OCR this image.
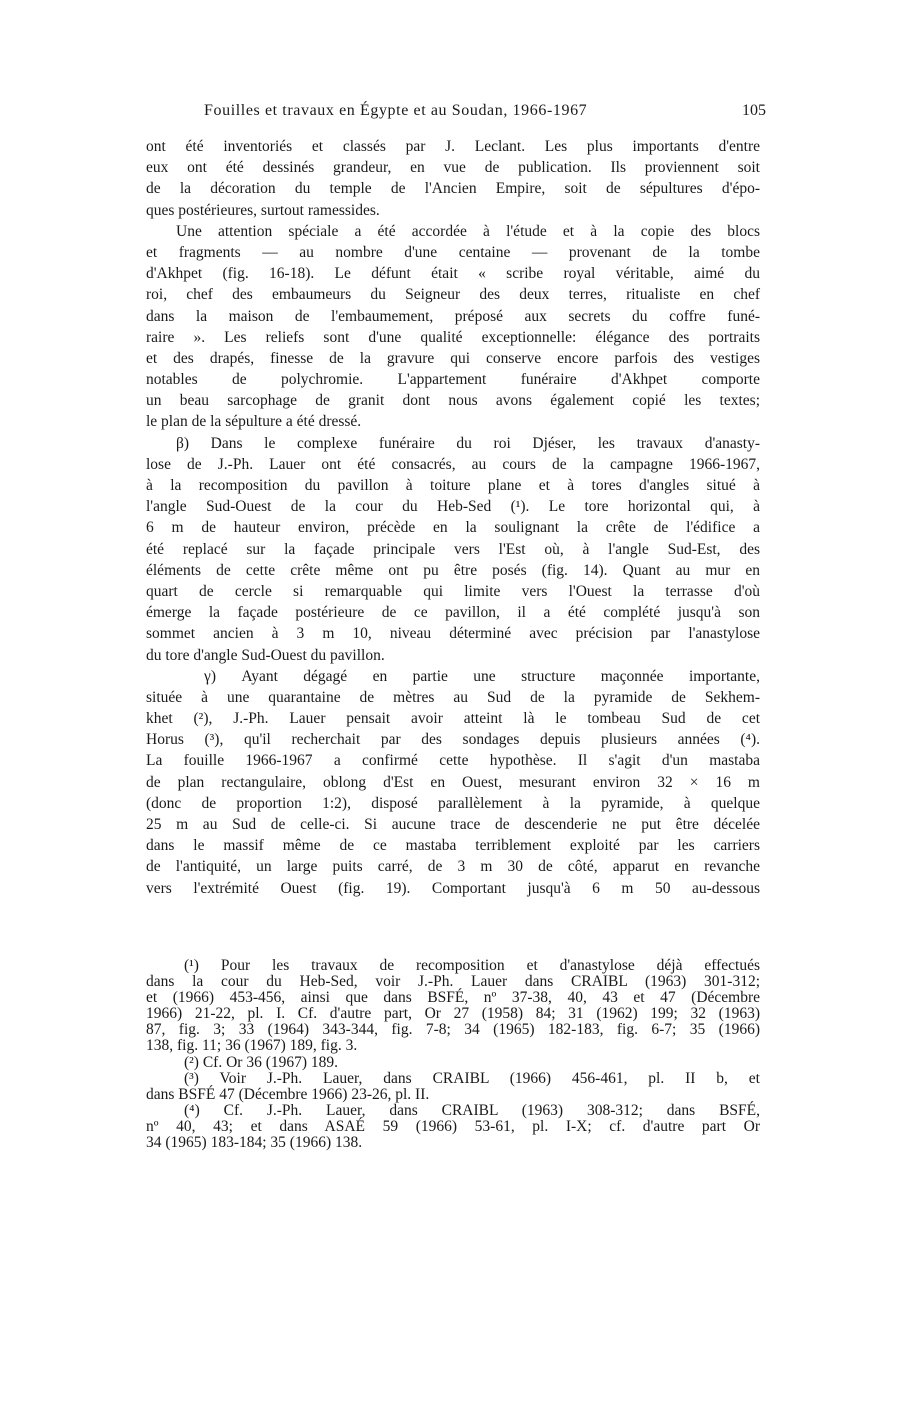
Fouilles et travaux en Égypte et au Soudan, 1966-1967	105
ont été inventoriés et classés par J. Leclant. Les plus importants d'entre
eux ont été dessinés grandeur, en vue de publication. Ils proviennent soit
de la décoration du temple de l'Ancien Empire, soit de sépultures d'épo-
ques postérieures, surtout ramessides.
Une attention spéciale a été accordée à l'étude et à la copie des blocs
et fragments — au nombre d'une centaine — provenant de la tombe
d'Akhpet (fig. 16-18). Le défunt était « scribe royal véritable, aimé du
roi, chef des embaumeurs du Seigneur des deux terres, ritualiste en chef
dans la maison de l'embaumement, préposé aux secrets du coffre funé-
raire ». Les reliefs sont d'une qualité exceptionnelle: élégance des portraits
et des drapés, finesse de la gravure qui conserve encore parfois des vestiges
notables de polychromie. L'appartement funéraire d'Akhpet comporte
un beau sarcophage de granit dont nous avons également copié les textes;
le plan de la sépulture a été dressé.
β) Dans le complexe funéraire du roi Djéser, les travaux d'anasty-
lose de J.-Ph. Lauer ont été consacrés, au cours de la campagne 1966-1967,
à la recomposition du pavillon à toiture plane et à tores d'angles situé à
l'angle Sud-Ouest de la cour du Heb-Sed (¹). Le tore horizontal qui, à
6 m de hauteur environ, précède en la soulignant la crête de l'édifice a
été replacé sur la façade principale vers l'Est où, à l'angle Sud-Est, des
éléments de cette crête même ont pu être posés (fig. 14). Quant au mur en
quart de cercle si remarquable qui limite vers l'Ouest la terrasse d'où
émerge la façade postérieure de ce pavillon, il a été complété jusqu'à son
sommet ancien à 3 m 10, niveau déterminé avec précision par l'anastylose
du tore d'angle Sud-Ouest du pavillon.
γ) Ayant dégagé en partie une structure maçonnée importante,
située à une quarantaine de mètres au Sud de la pyramide de Sekhem-
khet (²), J.-Ph. Lauer pensait avoir atteint là le tombeau Sud de cet
Horus (³), qu'il recherchait par des sondages depuis plusieurs années (⁴).
La fouille 1966-1967 a confirmé cette hypothèse. Il s'agit d'un mastaba
de plan rectangulaire, oblong d'Est en Ouest, mesurant environ 32 × 16 m
(donc de proportion 1:2), disposé parallèlement à la pyramide, à quelque
25 m au Sud de celle-ci. Si aucune trace de descenderie ne put être décelée
dans le massif même de ce mastaba terriblement exploité par les carriers
de l'antiquité, un large puits carré, de 3 m 30 de côté, apparut en revanche
vers l'extrémité Ouest (fig. 19). Comportant jusqu'à 6 m 50 au-dessous
(¹) Pour les travaux de recomposition et d'anastylose déjà effectués
dans la cour du Heb-Sed, voir J.-Ph. Lauer dans CRAIBL (1963) 301-312;
et (1966) 453-456, ainsi que dans BSFÉ, nº 37-38, 40, 43 et 47 (Décembre
1966) 21-22, pl. I. Cf. d'autre part, Or 27 (1958) 84; 31 (1962) 199; 32 (1963)
87, fig. 3; 33 (1964) 343-344, fig. 7-8; 34 (1965) 182-183, fig. 6-7; 35 (1966)
138, fig. 11; 36 (1967) 189, fig. 3.
(²) Cf. Or 36 (1967) 189.
(³) Voir J.-Ph. Lauer, dans CRAIBL (1966) 456-461, pl. II b, et
dans BSFÉ 47 (Décembre 1966) 23-26, pl. II.
(⁴) Cf. J.-Ph. Lauer, dans CRAIBL (1963) 308-312; dans BSFÉ,
nº 40, 43; et dans ASAÉ 59 (1966) 53-61, pl. I-X; cf. d'autre part Or
34 (1965) 183-184; 35 (1966) 138.
